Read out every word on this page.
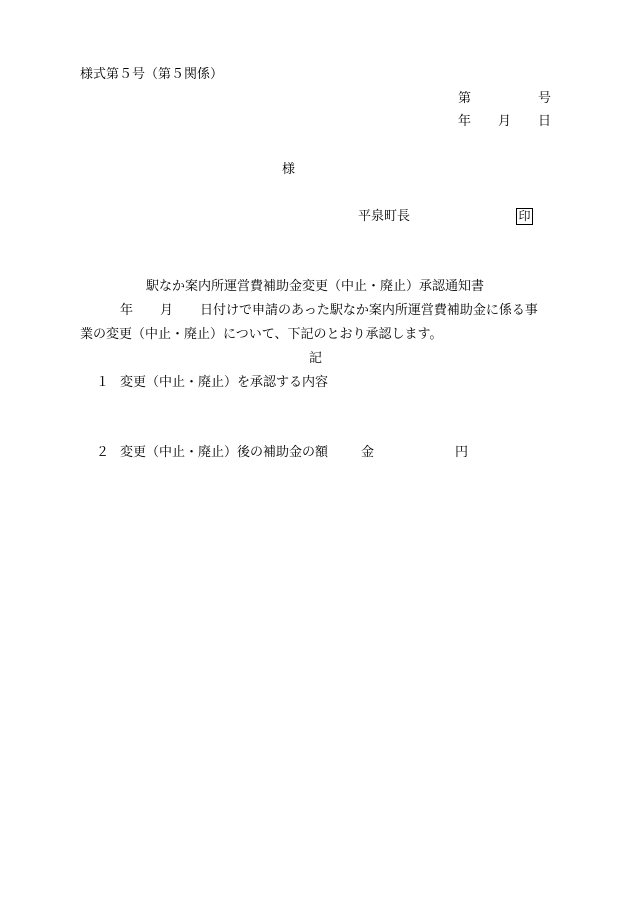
様式第５号（第５関係）
第	号
年 月 日
様
平泉町長	印
駅なか案内所運営費補助金変更（中止・廃止）承認通知書
年 月 日付けで申請のあった駅なか案内所運営費補助金に係る事
業の変更（中止・廃止）について、下記のとおり承認します。
記
１ 変更（中止・廃止）を承認する内容
２ 変更（中止・廃止）後の補助金の額	金	円
